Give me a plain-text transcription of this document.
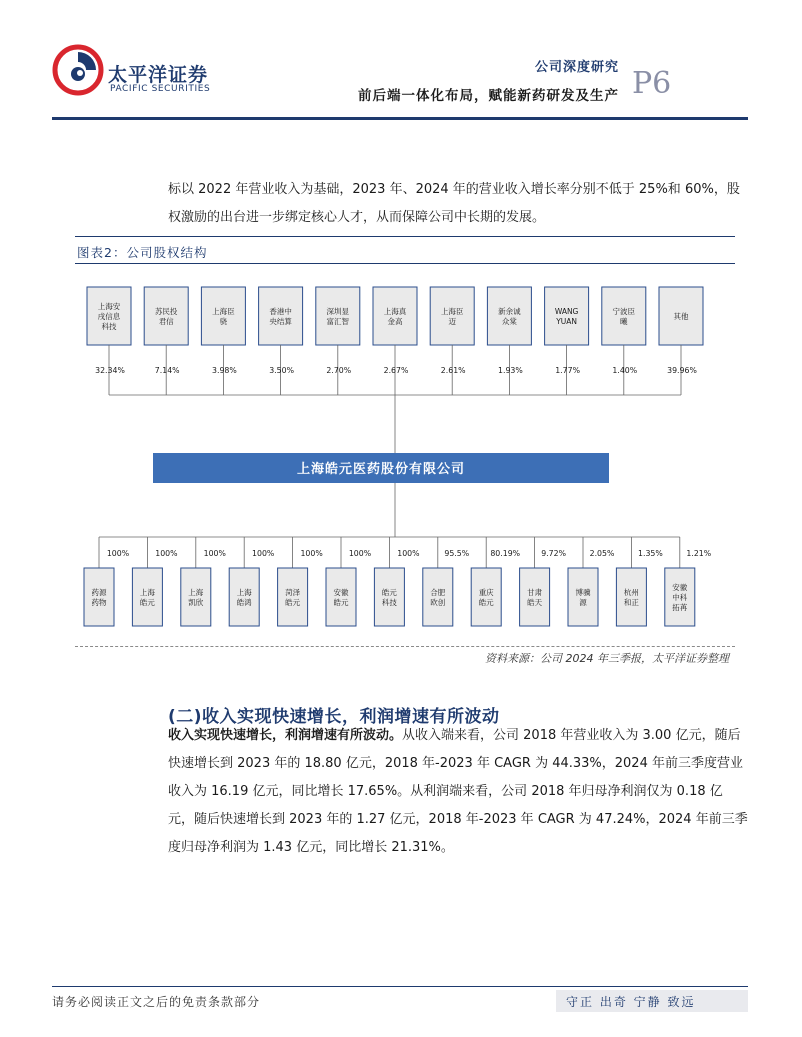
太平洋证券
PACIFIC SECURITIES
公司深度研究
前后端一体化布局，赋能新药研发及生产 P6
标以 2022 年营业收入为基础，2023 年、2024 年的营业收入增长率分别不低于 25%和 60%，股权激励的出台进一步绑定核心人才，从而保障公司中长期的发展。
图表2：公司股权结构
上海安
戌信息
科技
32.34%
苏民投
君信
7.14%
上海臣
骁
3.98%
香港中
央结算
3.50%
深圳显
富汇智
2.70%
上海真
金高
2.67%
上海臣
迈
2.61%
新余诚
众棠
1.93%
WANG
YUAN
1.77%
宁波臣
曦
1.40%
其他
39.96%
上海皓元医药股份有限公司
100%
药源
药物
100%
上海
皓元
100%
上海
凯欣
100%
上海
皓鸿
100%
菏泽
皓元
100%
安徽
皓元
100%
皓元
科技
95.5%
合肥
欧创
80.19%
重庆
皓元
9.72%
甘肃
皓天
2.05%
博骥
源
1.35%
杭州
和正
1.21%
安徽
中科
拓苒
资料来源：公司 2024 年三季报，太平洋证券整理
(二)收入实现快速增长，利润增速有所波动
收入实现快速增长，利润增速有所波动。从收入端来看，公司 2018 年营业收入为 3.00 亿元，随后快速增长到 2023 年的 18.80 亿元，2018 年-2023 年 CAGR 为 44.33%，2024 年前三季度营业收入为 16.19 亿元，同比增长 17.65%。从利润端来看，公司 2018 年归母净利润仅为 0.18 亿元，随后快速增长到 2023 年的 1.27 亿元，2018 年-2023 年 CAGR 为 47.24%，2024 年前三季度归母净利润为 1.43 亿元，同比增长 21.31%。
请务必阅读正文之后的免责条款部分	守正 出奇 宁静 致远
